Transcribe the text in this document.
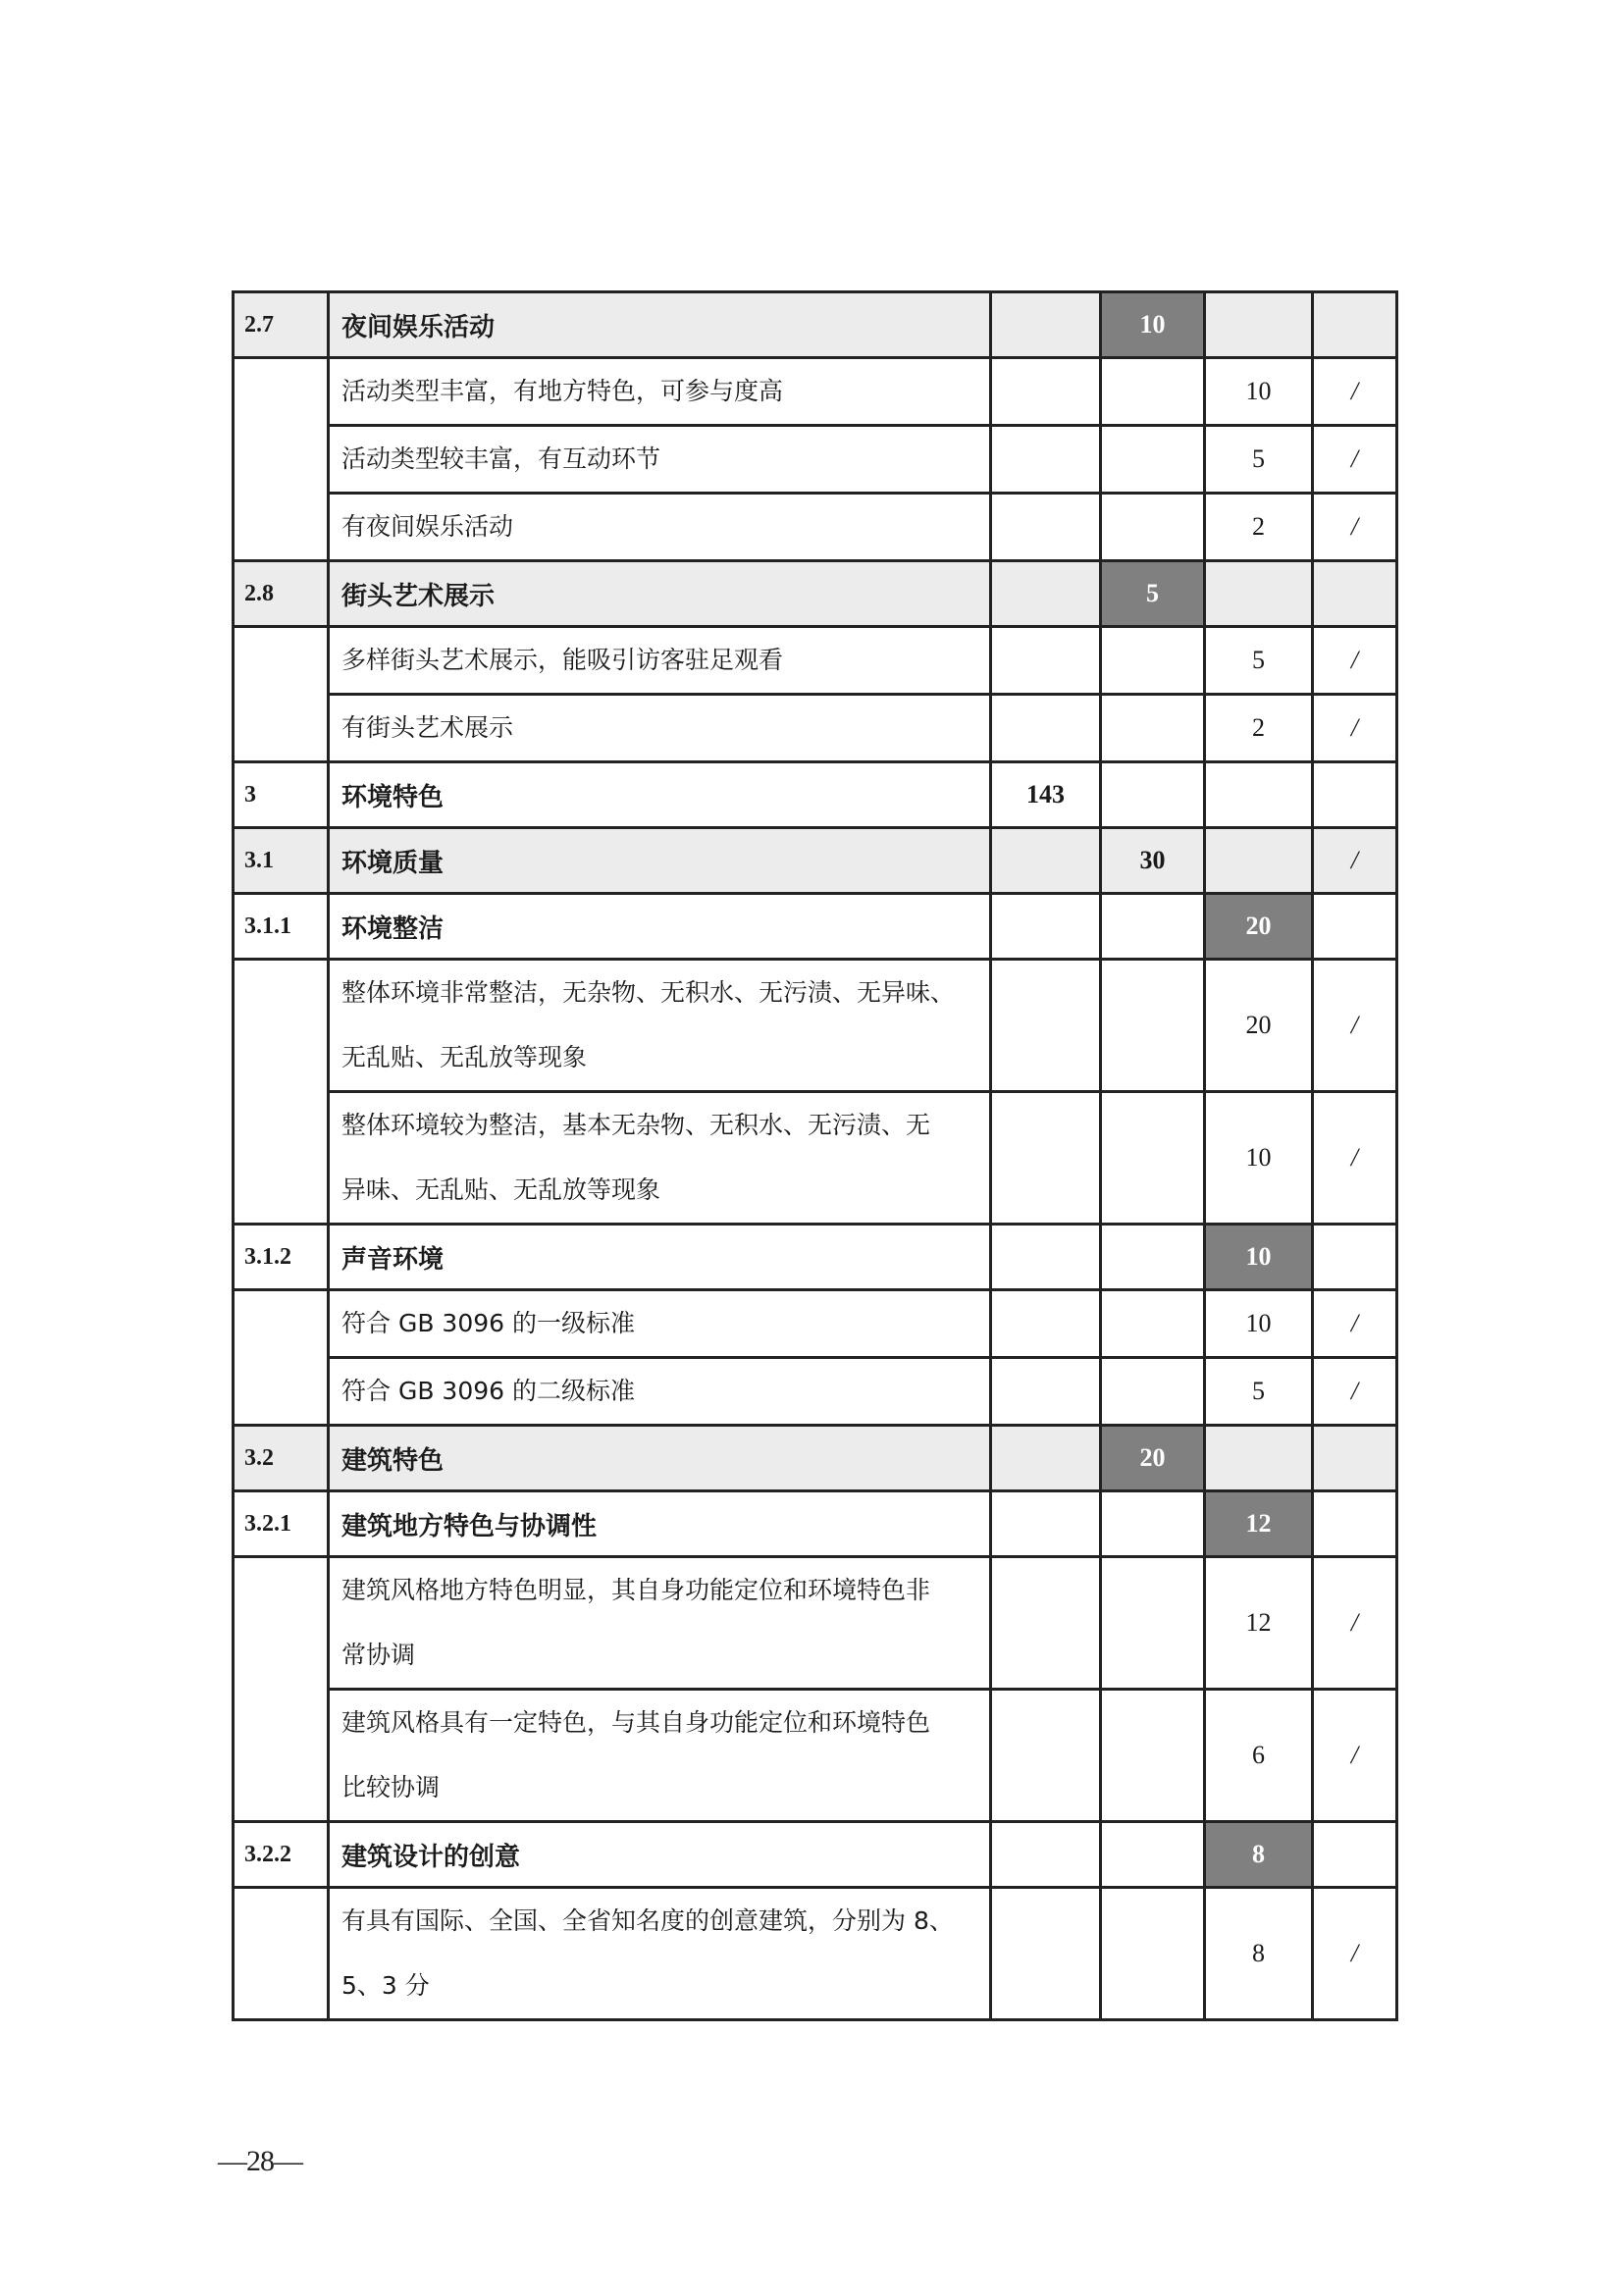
2.7	夜间娱乐活动		10		

	活动类型丰富，有地方特色，可参与度高			10	/

	活动类型较丰富，有互动环节			5	/

	有夜间娱乐活动			2	/
2.8	街头艺术展示		5		

	多样街头艺术展示，能吸引访客驻足观看			5	/

	有街头艺术展示			2	/
3	环境特色	143			
3.1	环境质量		30		/
3.1.1	环境整洁			20	

	整体环境非常整洁，无杂物、无积水、无污渍、无异味、
无乱贴、无乱放等现象			20	/

	整体环境较为整洁，基本无杂物、无积水、无污渍、无
异味、无乱贴、无乱放等现象			10	/
3.1.2	声音环境			10	

	符合 GB 3096 的一级标准			10	/

	符合 GB 3096 的二级标准			5	/
3.2	建筑特色		20		
3.2.1	建筑地方特色与协调性			12	

	建筑风格地方特色明显，其自身功能定位和环境特色非
常协调			12	/

	建筑风格具有一定特色，与其自身功能定位和环境特色
比较协调			6	/
3.2.2	建筑设计的创意			8	

	有具有国际、全国、全省知名度的创意建筑，分别为 8、
5、3 分			8	/
—28—
